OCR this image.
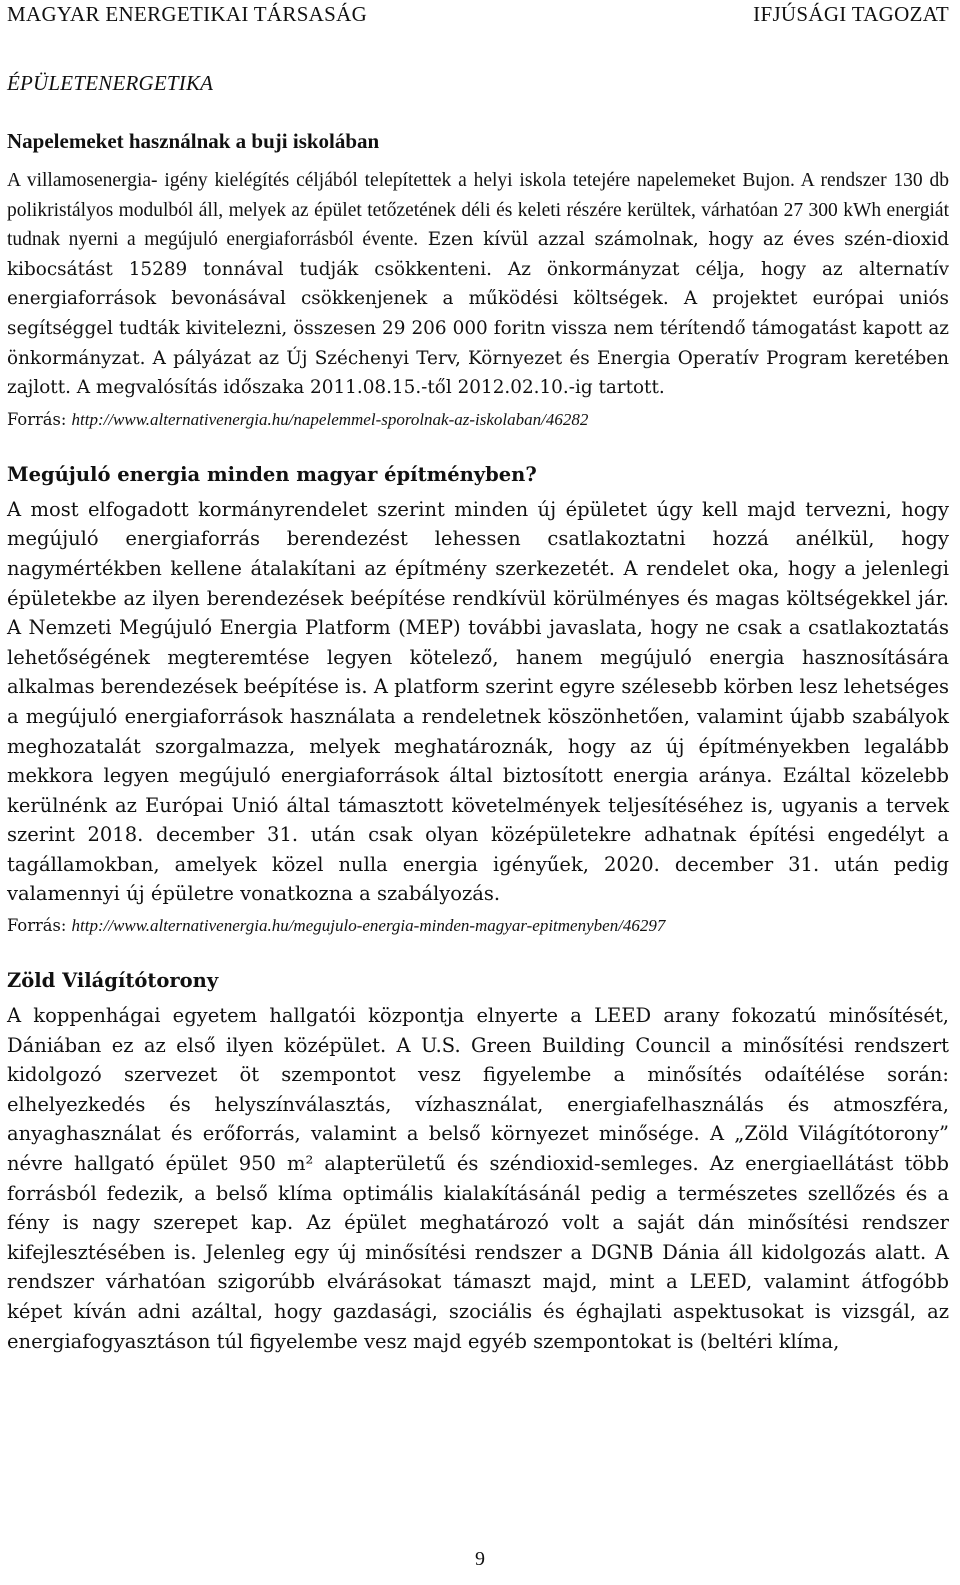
MAGYAR ENERGETIKAI TÁRSASÁG	IFJÚSÁGI TAGOZAT
ÉPÜLETENERGETIKA
Napelemeket használnak a buji iskolában

A villamosenergia- igény kielégítés céljából telepítettek a helyi iskola tetejére napelemeket Bujon. A rendszer 130 db polikristályos modulból áll, melyek az épület tetőzetének déli és keleti részére kerültek, várhatóan 27 300 kWh energiát tudnak nyerni a megújuló energiaforrásból évente. Ezen kívül azzal számolnak, hogy az éves szén-dioxid kibocsátást 15289 tonnával tudják csökkenteni. Az önkormányzat célja, hogy az alternatív energiaforrások bevonásával csökkenjenek a működési költségek. A projektet európai uniós segítséggel tudták kivitelezni, összesen 29 206 000 foritn vissza nem térítendő támogatást kapott az önkormányzat. A pályázat az Új Széchenyi Terv, Környezet és Energia Operatív Program keretében zajlott. A megvalósítás időszaka 2011.08.15.-től 2012.02.10.-ig tartott.

Forrás: http://www.alternativenergia.hu/napelemmel-sporolnak-az-iskolaban/46282
Megújuló energia minden magyar építményben?

A most elfogadott kormányrendelet szerint minden új épületet úgy kell majd tervezni, hogy megújuló energiaforrás berendezést lehessen csatlakoztatni hozzá anélkül, hogy nagymértékben kellene átalakítani az építmény szerkezetét. A rendelet oka, hogy a jelenlegi épületekbe az ilyen berendezések beépítése rendkívül körülményes és magas költségekkel jár. A Nemzeti Megújuló Energia Platform (MEP) további javaslata, hogy ne csak a csatlakoztatás lehetőségének megteremtése legyen kötelező, hanem megújuló energia hasznosítására alkalmas berendezések beépítése is. A platform szerint egyre szélesebb körben lesz lehetséges a megújuló energiaforrások használata a rendeletnek köszönhetően, valamint újabb szabályok meghozatalát szorgalmazza, melyek meghatároznák, hogy az új építményekben legalább mekkora legyen megújuló energiaforrások által biztosított energia aránya. Ezáltal közelebb kerülnénk az Európai Unió által támasztott követelmények teljesítéséhez is, ugyanis a tervek szerint 2018. december 31. után csak olyan középületekre adhatnak építési engedélyt a tagállamokban, amelyek közel nulla energia igényűek, 2020. december 31. után pedig valamennyi új épületre vonatkozna a szabályozás.

Forrás: http://www.alternativenergia.hu/megujulo-energia-minden-magyar-epitmenyben/46297
Zöld Világítótorony

A koppenhágai egyetem hallgatói központja elnyerte a LEED arany fokozatú minősítését, Dániában ez az első ilyen középület. A U.S. Green Building Council a minősítési rendszert kidolgozó szervezet öt szempontot vesz figyelembe a minősítés odaítélése során: elhelyezkedés és helyszínválasztás, vízhasználat, energiafelhasználás és atmoszféra, anyaghasználat és erőforrás, valamint a belső környezet minősége. A „Zöld Világítótorony” névre hallgató épület 950 m² alapterületű és széndioxid-semleges. Az energiaellátást több forrásból fedezik, a belső klíma optimális kialakításánál pedig a természetes szellőzés és a fény is nagy szerepet kap. Az épület meghatározó volt a saját dán minősítési rendszer kifejlesztésében is. Jelenleg egy új minősítési rendszer a DGNB Dánia áll kidolgozás alatt. A rendszer várhatóan szigorúbb elvárásokat támaszt majd, mint a LEED, valamint átfogóbb képet kíván adni azáltal, hogy gazdasági, szociális és éghajlati aspektusokat is vizsgál, az energiafogyasztáson túl figyelembe vesz majd egyéb szempontokat is (beltéri klíma,

9
